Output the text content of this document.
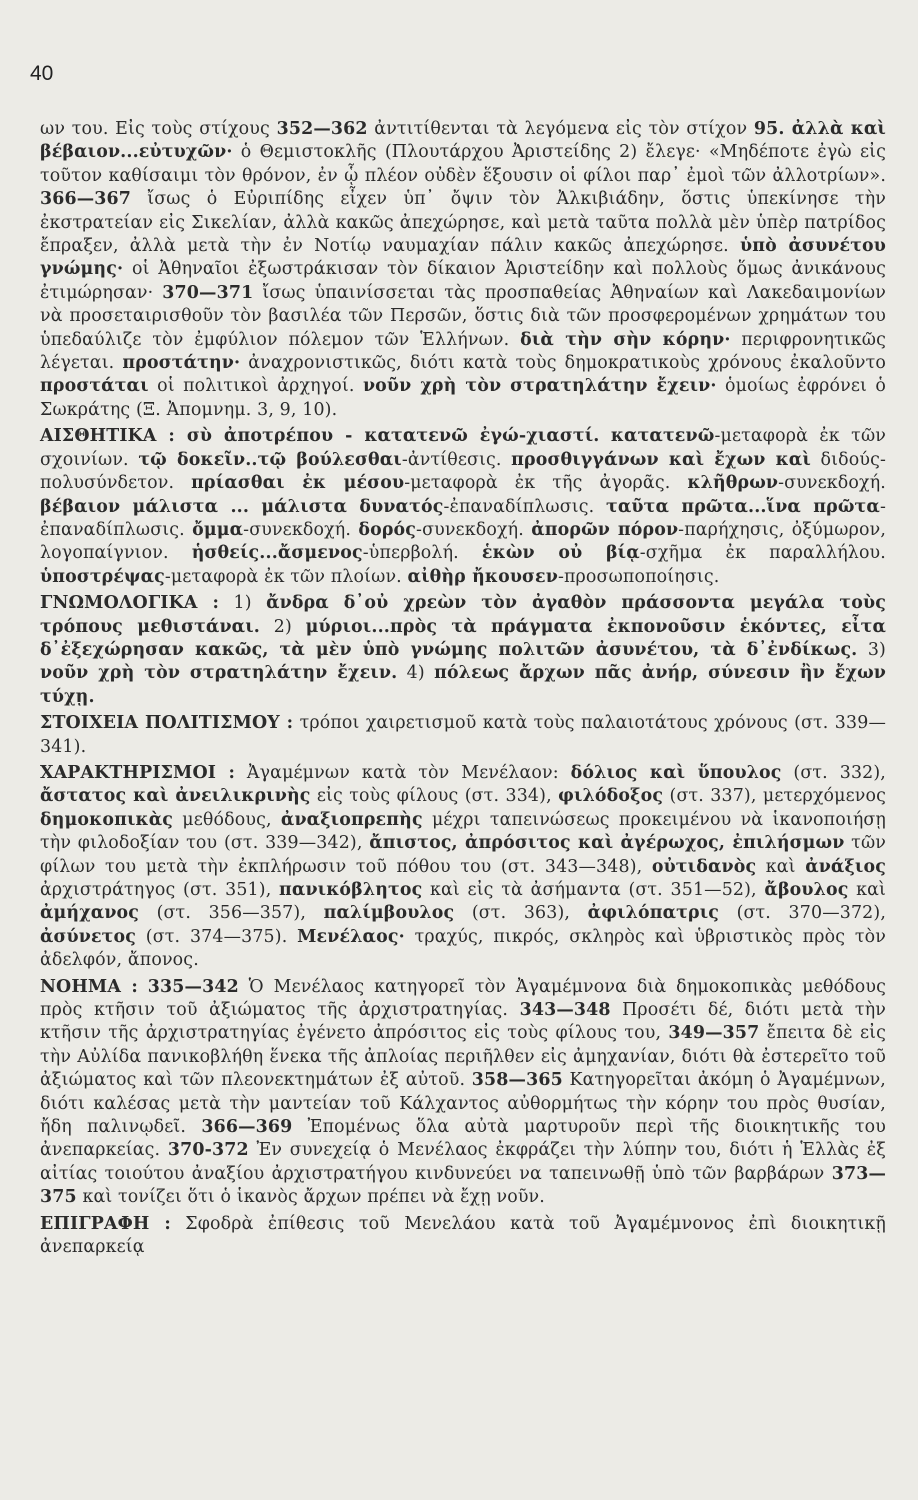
40

ων του. Εἰς τοὺς στίχους 352—362 ἀντιτίθενται τὰ λεγόμενα εἰς τὸν στίχον 95. ἀλλὰ καὶ βέβαιον...εὐτυχῶν· ὁ Θεμιστοκλῆς (Πλουτάρχου Ἀριστείδης 2) ἔλεγε· «Μηδέποτε ἐγὼ εἰς τοῦτον καθίσαιμι τὸν θρόνον, ἐν ᾧ πλέον οὐδὲν ἕξουσιν οἱ φίλοι παρ᾽ ἐμοὶ τῶν ἀλλοτρίων». 366—367 ἴσως ὁ Εὐριπίδης εἶχεν ὑπ᾽ ὄψιν τὸν Ἀλκιβιάδην, ὅστις ὑπεκίνησε τὴν ἐκστρατείαν εἰς Σικελίαν, ἀλλὰ κακῶς ἀπεχώρησε, καὶ μετὰ ταῦτα πολλὰ μὲν ὑπὲρ πατρίδος ἔπραξεν, ἀλλὰ μετὰ τὴν ἐν Νοτίῳ ναυμαχίαν πάλιν κακῶς ἀπεχώρησε. ὑπὸ ἀσυνέτου γνώμης· οἱ Ἀθηναῖοι ἐξωστράκισαν τὸν δίκαιον Ἀριστείδην καὶ πολλοὺς ὅμως ἀνικάνους ἐτιμώρησαν· 370—371 ἴσως ὑπαινίσσεται τὰς προσπαθείας Ἀθηναίων καὶ Λακεδαιμονίων νὰ προσεταιρισθοῦν τὸν βασιλέα τῶν Περσῶν, ὅστις διὰ τῶν προσφερομένων χρημάτων του ὑπεδαύλιζε τὸν ἐμφύλιον πόλεμον τῶν Ἑλλήνων. διὰ τὴν σὴν κόρην· περιφρονητικῶς λέγεται. προστάτην· ἀναχρονιστικῶς, διότι κατὰ τοὺς δημοκρατικοὺς χρόνους ἐκαλοῦντο προστάται οἱ πολιτικοὶ ἀρχηγοί. νοῦν χρὴ τὸν στρατηλάτην ἔχειν· ὁμοίως ἐφρόνει ὁ Σωκράτης (Ξ. Ἀπομνημ. 3, 9, 10).

ΑΙΣΘΗΤΙΚΑ : σὺ ἀποτρέπου - κατατενῶ ἐγώ-χιαστί. κατατενῶ-μεταφορὰ ἐκ τῶν σχοινίων. τῷ δοκεῖν..τῷ βούλεσθαι-ἀντίθεσις. προσθιγγάνων καὶ ἔχων καὶ διδούς-πολυσύνδετον. πρίασθαι ἐκ μέσου-μεταφορὰ ἐκ τῆς ἀγορᾶς. κλῆθρων-συνεκδοχή. βέβαιον μάλιστα ... μάλιστα δυνατός-ἐπαναδίπλωσις. ταῦτα πρῶτα...ἵνα πρῶτα-ἐπαναδίπλωσις. ὄμμα-συνεκδοχή. δορός-συνεκδοχή. ἀπορῶν πόρον-παρήχησις, ὀξύμωρον, λογοπαίγνιον. ἡσθείς...ἄσμενος-ὑπερβολή. ἑκὼν οὐ βίᾳ-σχῆμα ἐκ παραλλήλου. ὑποστρέψας-μεταφορὰ ἐκ τῶν πλοίων. αἰθὴρ ἤκουσεν-προσωποποίησις.

ΓΝΩΜΟΛΟΓΙΚΑ : 1) ἄνδρα δ᾽οὐ χρεὼν τὸν ἀγαθὸν πράσσοντα μεγάλα τοὺς τρόπους μεθιστάναι. 2) μύριοι...πρὸς τὰ πράγματα ἐκπονοῦσιν ἑκόντες, εἶτα δ᾽ἐξεχώρησαν κακῶς, τὰ μὲν ὑπὸ γνώμης πολιτῶν ἀσυνέτου, τὰ δ᾽ἐνδίκως. 3) νοῦν χρὴ τὸν στρατηλάτην ἔχειν. 4) πόλεως ἄρχων πᾶς ἀνήρ, σύνεσιν ἢν ἔχων τύχῃ.

ΣΤΟΙΧΕΙΑ ΠΟΛΙΤΙΣΜΟΥ : τρόποι χαιρετισμοῦ κατὰ τοὺς παλαιοτάτους χρόνους (στ. 339—341).

ΧΑΡΑΚΤΗΡΙΣΜΟΙ : Ἀγαμέμνων κατὰ τὸν Μενέλαον: δόλιος καὶ ὕπουλος (στ. 332), ἄστατος καὶ ἀνειλικρινὴς εἰς τοὺς φίλους (στ. 334), φιλόδοξος (στ. 337), μετερχόμενος δημοκοπικὰς μεθόδους, ἀναξιοπρεπὴς μέχρι ταπεινώσεως προκειμένου νὰ ἱκανοποιήσῃ τὴν φιλοδοξίαν του (στ. 339—342), ἄπιστος, ἀπρόσιτος καὶ ἀγέρωχος, ἐπιλήσμων τῶν φίλων του μετὰ τὴν ἐκπλήρωσιν τοῦ πόθου του (στ. 343—348), οὐτιδανὸς καὶ ἀνάξιος ἀρχιστράτηγος (στ. 351), πανικόβλητος καὶ εἰς τὰ ἀσήμαντα (στ. 351—52), ἄβουλος καὶ ἀμήχανος (στ. 356—357), παλίμβουλος (στ. 363), ἀφιλόπατρις (στ. 370—372), ἀσύνετος (στ. 374—375). Μενέλαος· τραχύς, πικρός, σκληρὸς καὶ ὑβριστικὸς πρὸς τὸν ἀδελφόν, ἄπονος.

ΝΟΗΜΑ : 335—342 Ὁ Μενέλαος κατηγορεῖ τὸν Ἀγαμέμνονα διὰ δημοκοπικὰς μεθόδους πρὸς κτῆσιν τοῦ ἀξιώματος τῆς ἀρχιστρατηγίας. 343—348 Προσέτι δέ, διότι μετὰ τὴν κτῆσιν τῆς ἀρχιστρατηγίας ἐγένετο ἀπρόσιτος εἰς τοὺς φίλους του, 349—357 ἔπειτα δὲ εἰς τὴν Αὐλίδα πανικοβλήθη ἕνεκα τῆς ἀπλοίας περιῆλθεν εἰς ἀμηχανίαν, διότι θὰ ἐστερεῖτο τοῦ ἀξιώματος καὶ τῶν πλεονεκτημάτων ἐξ αὐτοῦ. 358—365 Κατηγορεῖται ἀκόμη ὁ Ἀγαμέμνων, διότι καλέσας μετὰ τὴν μαντείαν τοῦ Κάλχαντος αὐθορμήτως τὴν κόρην του πρὸς θυσίαν, ἤδη παλινῳδεῖ. 366—369 Ἐπομένως ὅλα αὐτὰ μαρτυροῦν περὶ τῆς διοικητικῆς του ἀνεπαρκείας. 370-372 Ἐν συνεχείᾳ ὁ Μενέλαος ἐκφράζει τὴν λύπην του, διότι ἡ Ἑλλὰς ἐξ αἰτίας τοιούτου ἀναξίου ἀρχιστρατήγου κινδυνεύει να ταπεινωθῇ ὑπὸ τῶν βαρβάρων 373—375 καὶ τονίζει ὅτι ὁ ἱκανὸς ἄρχων πρέπει νὰ ἔχῃ νοῦν.

ΕΠΙΓΡΑΦΗ : Σφοδρὰ ἐπίθεσις τοῦ Μενελάου κατὰ τοῦ Ἀγαμέμνονος ἐπὶ διοικητικῇ ἀνεπαρκείᾳ
